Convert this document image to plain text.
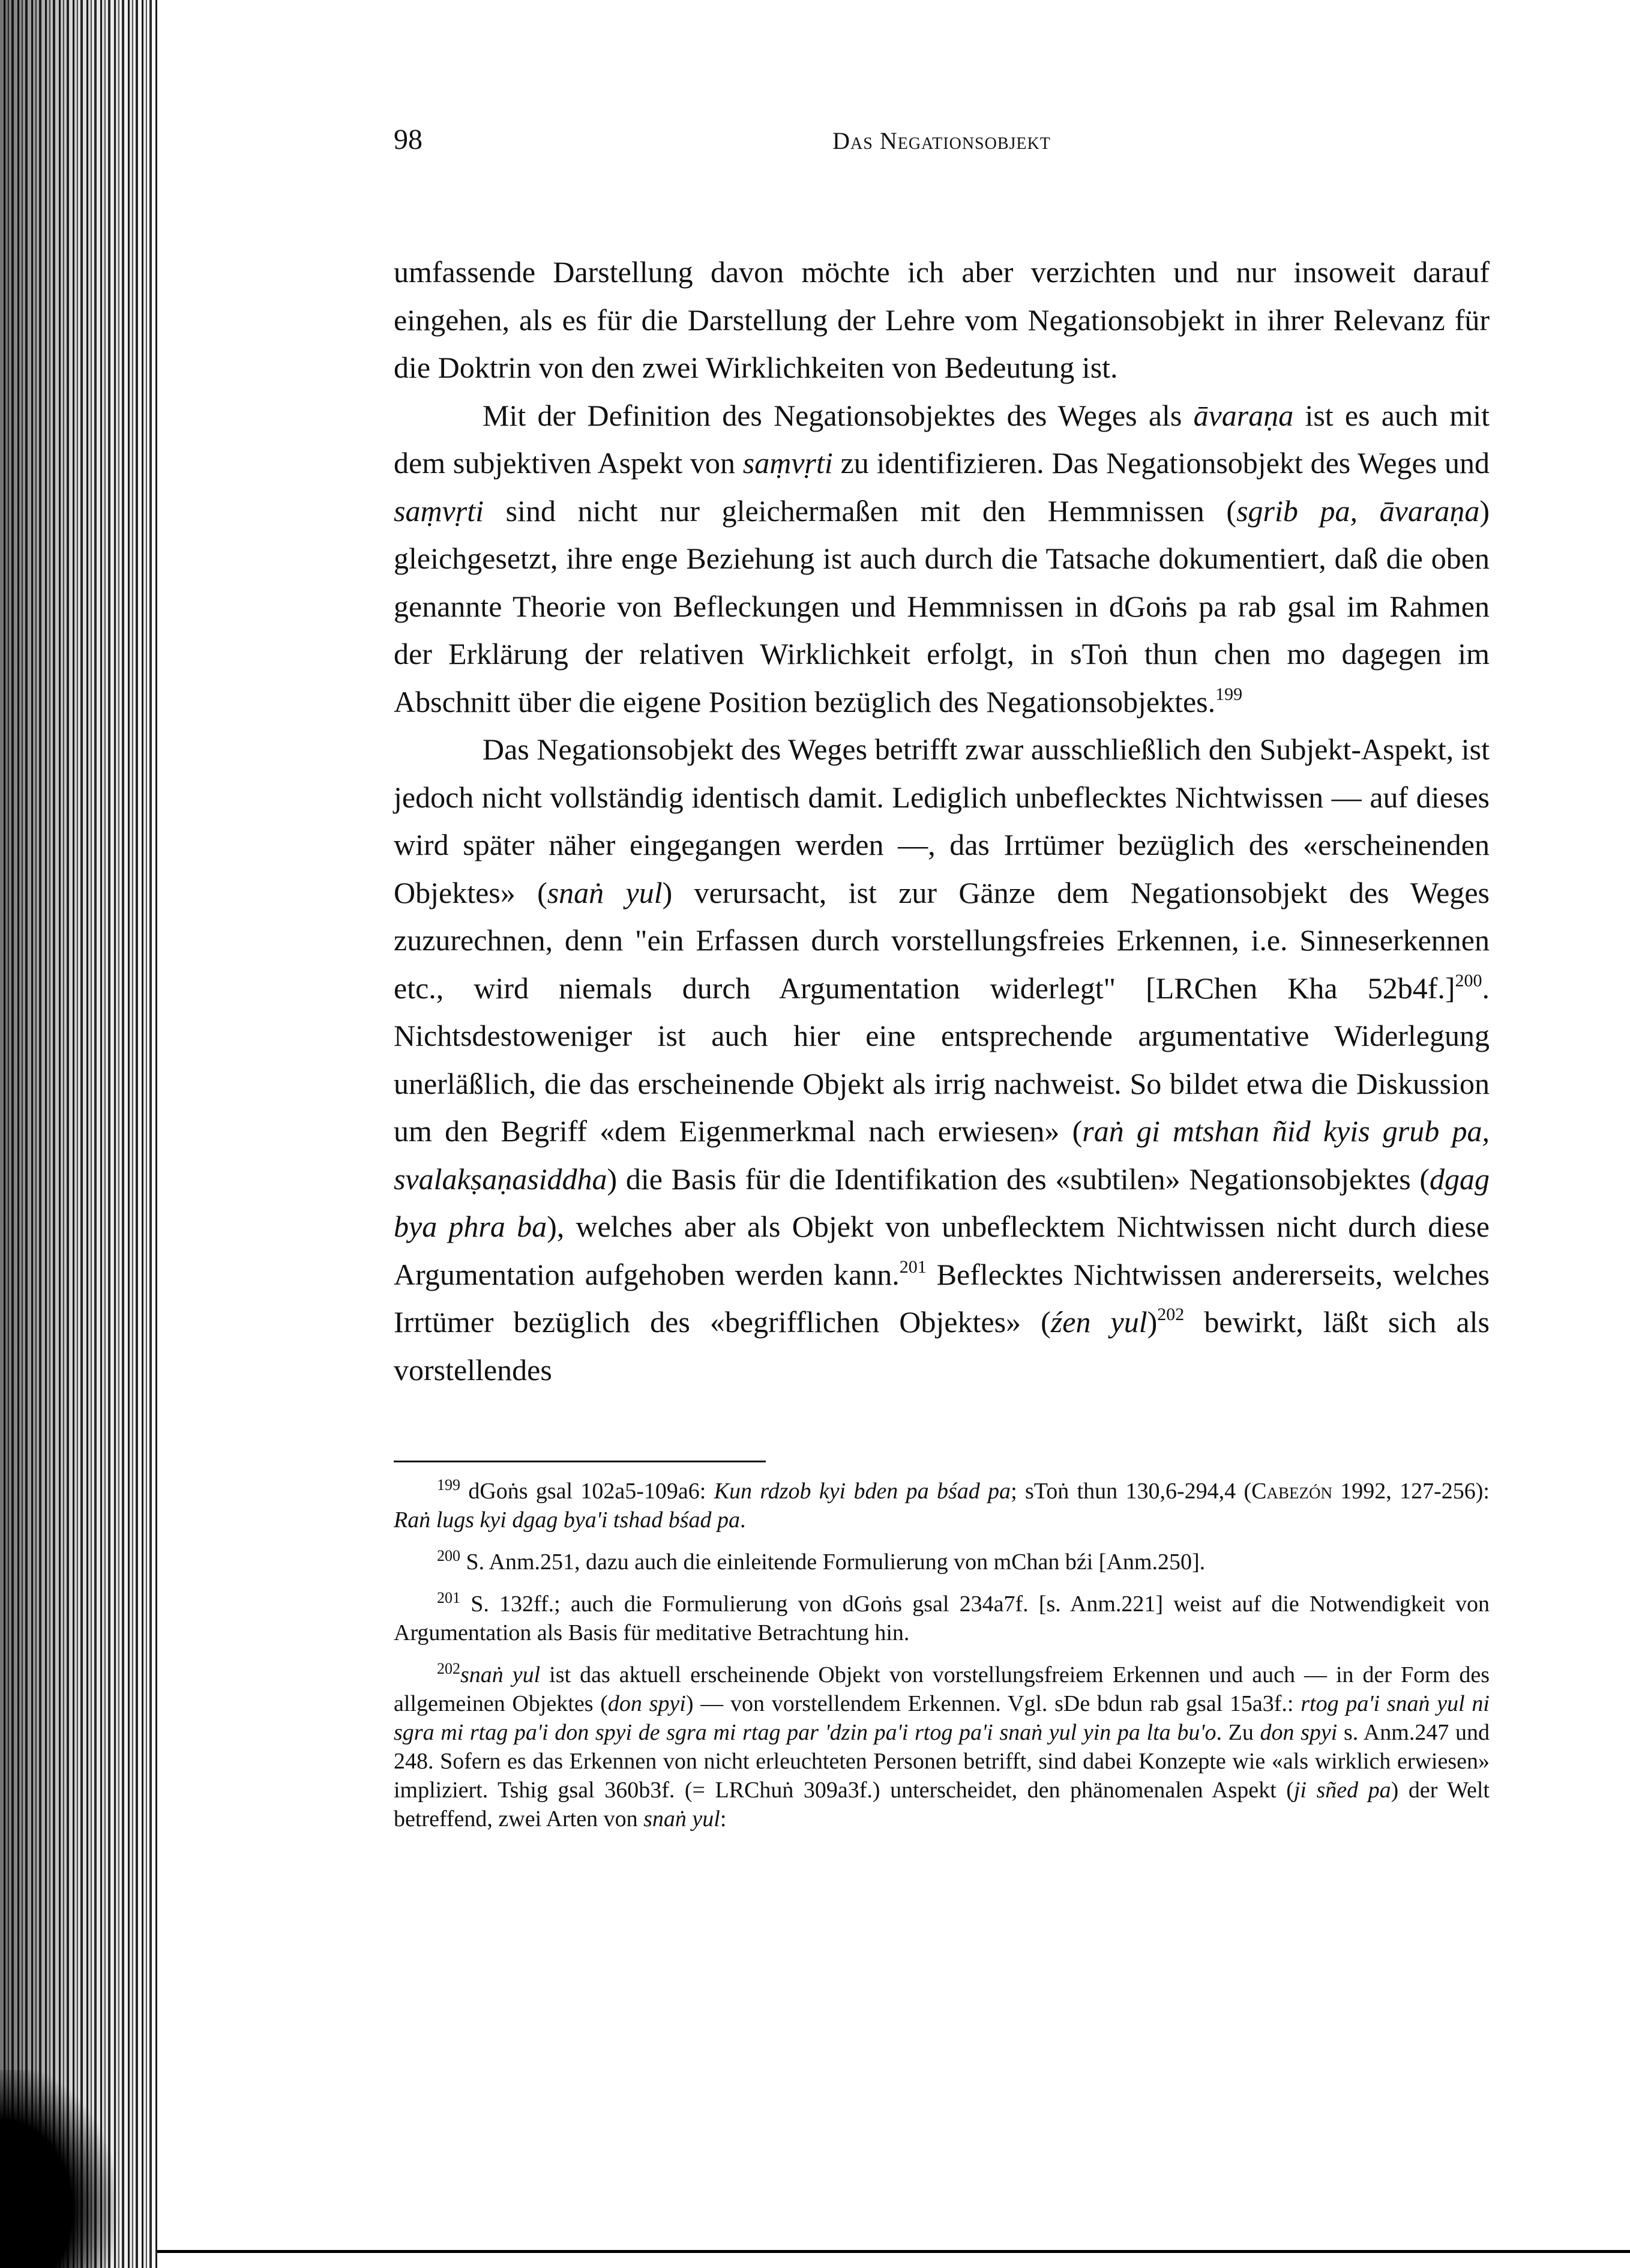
98	Das Negationsobjekt

umfassende Darstellung davon möchte ich aber verzichten und nur insoweit darauf eingehen, als es für die Darstellung der Lehre vom Negationsobjekt in ihrer Relevanz für die Doktrin von den zwei Wirklichkeiten von Bedeutung ist.

Mit der Definition des Negationsobjektes des Weges als āvaraṇa ist es auch mit dem subjektiven Aspekt von saṃvṛti zu identifizieren. Das Negationsobjekt des Weges und saṃvṛti sind nicht nur gleichermaßen mit den Hemmnissen (sgrib pa, āvaraṇa) gleichgesetzt, ihre enge Beziehung ist auch durch die Tatsache dokumentiert, daß die oben genannte Theorie von Befleckungen und Hemmnissen in dGoṅs pa rab gsal im Rahmen der Erklärung der relativen Wirklichkeit erfolgt, in sToṅ thun chen mo dagegen im Abschnitt über die eigene Position bezüglich des Negationsobjektes.$^{199}$

Das Negationsobjekt des Weges betrifft zwar ausschließlich den Subjekt-Aspekt, ist jedoch nicht vollständig identisch damit. Lediglich unbeflecktes Nichtwissen — auf dieses wird später näher eingegangen werden —, das Irrtümer bezüglich des «erscheinenden Objektes» (snaṅ yul) verursacht, ist zur Gänze dem Negationsobjekt des Weges zuzurechnen, denn "ein Erfassen durch vorstellungsfreies Erkennen, i.e. Sinneserkennen etc., wird niemals durch Argumentation widerlegt" [LRChen Kha 52b4f.]$^{200}$. Nichtsdestoweniger ist auch hier eine entsprechende argumentative Widerlegung unerläßlich, die das erscheinende Objekt als irrig nachweist. So bildet etwa die Diskussion um den Begriff «dem Eigenmerkmal nach erwiesen» (raṅ gi mtshan ñid kyis grub pa, svalakṣaṇasiddha) die Basis für die Identifikation des «subtilen» Negationsobjektes (dgag bya phra ba), welches aber als Objekt von unbeflecktem Nichtwissen nicht durch diese Argumentation aufgehoben werden kann.$^{201}$ Beflecktes Nichtwissen andererseits, welches Irrtümer bezüglich des «begrifflichen Objektes» (źen yul)$^{202}$ bewirkt, läßt sich als vorstellendes

$^{199}$ dGoṅs gsal 102a5-109a6: Kun rdzob kyi bden pa bśad pa; sToṅ thun 130,6-294,4 (Cabezón 1992, 127-256): Raṅ lugs kyi dgag bya'i tshad bśad pa.

$^{200}$ S. Anm.251, dazu auch die einleitende Formulierung von mChan bźi [Anm.250].

$^{201}$ S. 132ff.; auch die Formulierung von dGoṅs gsal 234a7f. [s. Anm.221] weist auf die Notwendigkeit von Argumentation als Basis für meditative Betrachtung hin.

$^{202}$snaṅ yul ist das aktuell erscheinende Objekt von vorstellungsfreiem Erkennen und auch — in der Form des allgemeinen Objektes (don spyi) — von vorstellendem Erkennen. Vgl. sDe bdun rab gsal 15a3f.: rtog pa'i snaṅ yul ni sgra mi rtag pa'i don spyi de sgra mi rtag par 'dzin pa'i rtog pa'i snaṅ yul yin pa lta bu'o. Zu don spyi s. Anm.247 und 248. Sofern es das Erkennen von nicht erleuchteten Personen betrifft, sind dabei Konzepte wie «als wirklich erwiesen» impliziert. Tshig gsal 360b3f. (= LRChuṅ 309a3f.) unterscheidet, den phänomenalen Aspekt (ji sñed pa) der Welt betreffend, zwei Arten von snaṅ yul:
